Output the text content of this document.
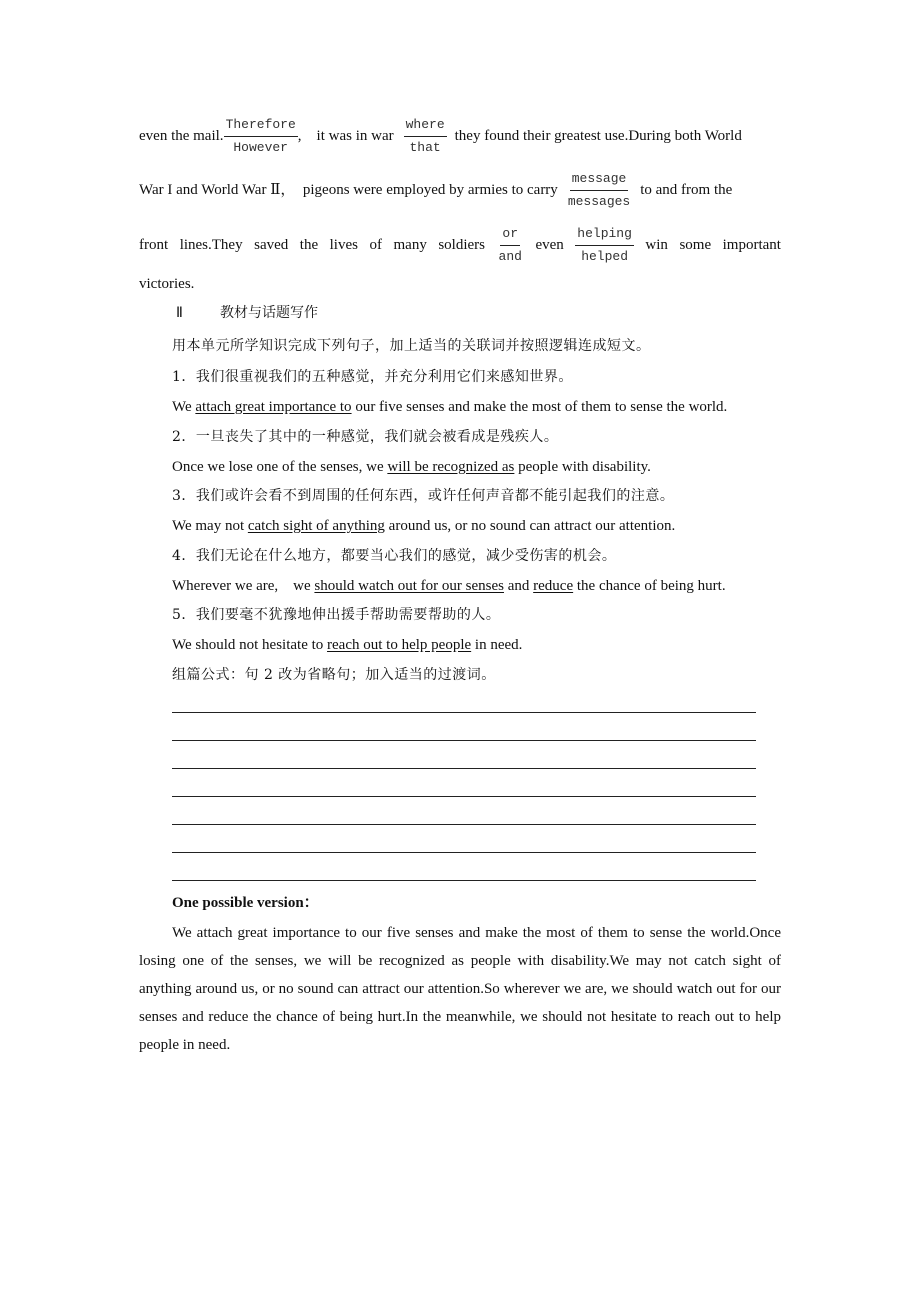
even the mail. $\frac{\text{Therefore}}{\text{However}}$ ,    it was in war $\frac{\text{where}}{\text{that}}$ they found their greatest use.During both World
War I and World War Ⅱ，  pigeons were employed by armies to carry $\frac{\text{message}}{\text{messages}}$ to and from the
front lines.They saved the lives of many soldiers $\frac{or}{\text{and}}$ even $\frac{\text{helping}}{\text{helped}}$ win some important
victories.
Ⅱ	教材与话题写作
用本单元所学知识完成下列句子，加上适当的关联词并按照逻辑连成短文。
1．我们很重视我们的五种感觉，并充分利用它们来感知世界。
We attach great importance to our five senses and make the most of them to sense the world.
2．一旦丧失了其中的一种感觉，我们就会被看成是残疾人。
Once we lose one of the senses, we will be recognized as people with disability.
3．我们或许会看不到周围的任何东西，或许任何声音都不能引起我们的注意。
We may not catch sight of anything around us, or no sound can attract our attention.
4．我们无论在什么地方，都要当心我们的感觉，减少受伤害的机会。
Wherever we are,    we should watch out for our senses and reduce the chance of being hurt.
5．我们要毫不犹豫地伸出援手帮助需要帮助的人。
We should not hesitate to reach out to help people in need.
组篇公式：句 2 改为省略句；加入适当的过渡词。
One possible version：
We attach great importance to our five senses and make the most of them to sense the world.Once losing one of the senses, we will be recognized as people with disability.We may not catch sight of anything around us, or no sound can attract our attention.So wherever we are, we should watch out for our senses and reduce the chance of being hurt.In the meanwhile, we should not hesitate to reach out to help people in need.
